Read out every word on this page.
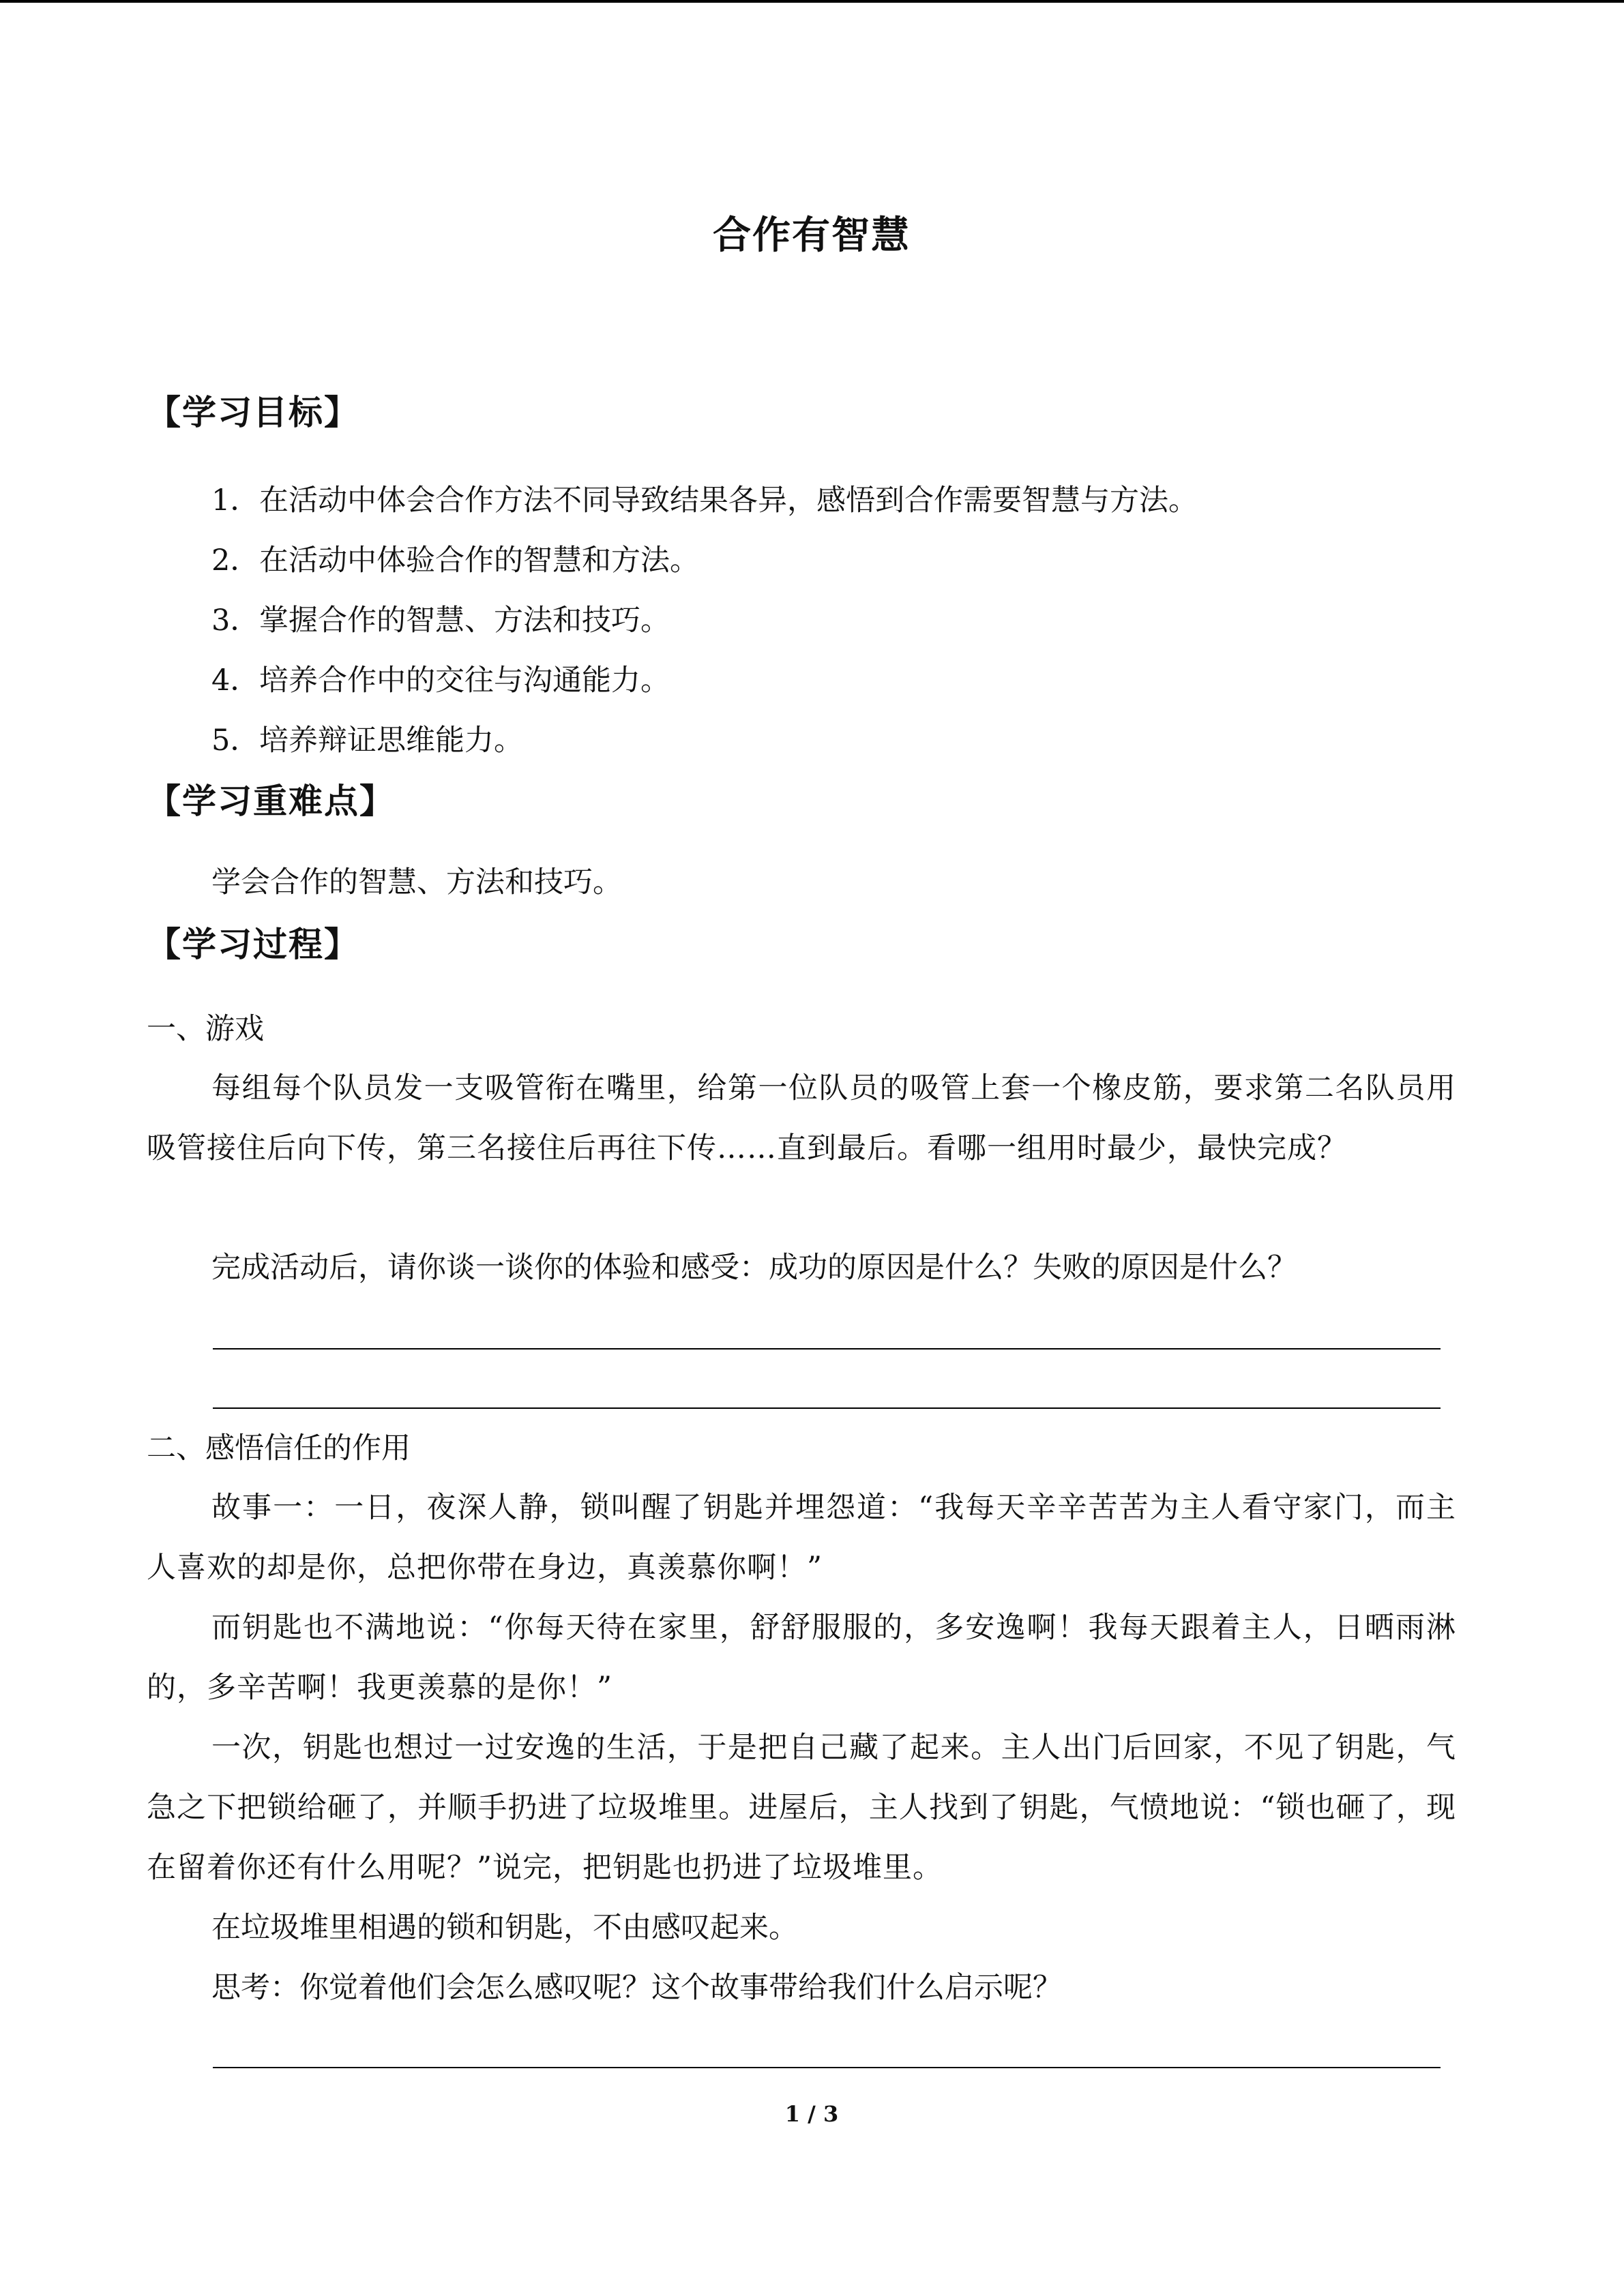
合作有智慧
【学习目标】
1．在活动中体会合作方法不同导致结果各异，感悟到合作需要智慧与方法。
2．在活动中体验合作的智慧和方法。
3．掌握合作的智慧、方法和技巧。
4．培养合作中的交往与沟通能力。
5．培养辩证思维能力。
【学习重难点】
学会合作的智慧、方法和技巧。
【学习过程】
一、游戏
每组每个队员发一支吸管衔在嘴里，给第一位队员的吸管上套一个橡皮筋，要求第二名队员用吸管接住后向下传，第三名接住后再往下传……直到最后。看哪一组用时最少，最快完成？
完成活动后，请你谈一谈你的体验和感受：成功的原因是什么？失败的原因是什么？
二、感悟信任的作用
故事一：一日，夜深人静，锁叫醒了钥匙并埋怨道：“我每天辛辛苦苦为主人看守家门，而主人喜欢的却是你，总把你带在身边，真羡慕你啊！”
而钥匙也不满地说：“你每天待在家里，舒舒服服的，多安逸啊！我每天跟着主人，日晒雨淋的，多辛苦啊！我更羡慕的是你！”
一次，钥匙也想过一过安逸的生活，于是把自己藏了起来。主人出门后回家，不见了钥匙，气急之下把锁给砸了，并顺手扔进了垃圾堆里。进屋后，主人找到了钥匙，气愤地说：“锁也砸了，现在留着你还有什么用呢？”说完，把钥匙也扔进了垃圾堆里。
在垃圾堆里相遇的锁和钥匙，不由感叹起来。
思考：你觉着他们会怎么感叹呢？这个故事带给我们什么启示呢？
1 / 3
